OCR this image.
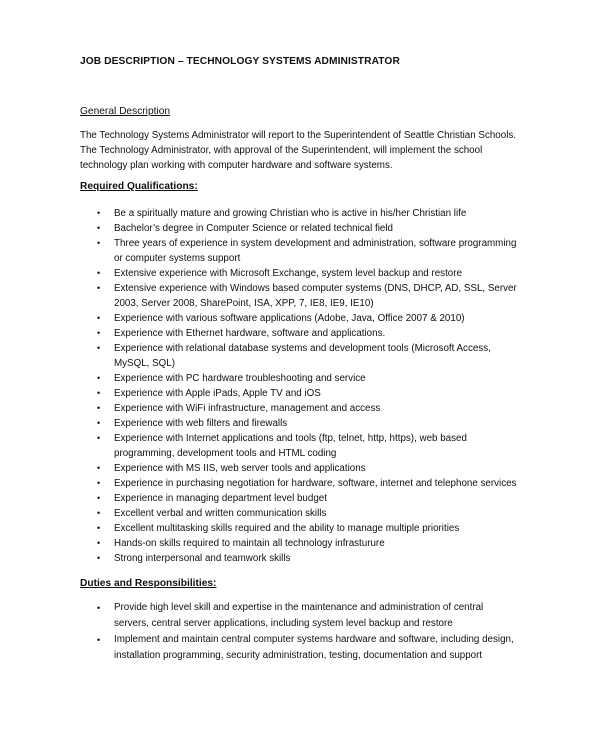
JOB DESCRIPTION – TECHNOLOGY SYSTEMS ADMINISTRATOR
General Description

The Technology Systems Administrator will report to the Superintendent of Seattle Christian Schools. The Technology Administrator, with approval of the Superintendent, will implement the school technology plan working with computer hardware and software systems.

Required Qualifications:
• Be a spiritually mature and growing Christian who is active in his/her Christian life
• Bachelor’s degree in Computer Science or related technical field
• Three years of experience in system development and administration, software programming or computer systems support
• Extensive experience with Microsoft Exchange, system level backup and restore
• Extensive experience with Windows based computer systems (DNS, DHCP, AD, SSL, Server 2003, Server 2008, SharePoint, ISA, XPP, 7, IE8, IE9, IE10)
• Experience with various software applications (Adobe, Java, Office 2007 & 2010)
• Experience with Ethernet hardware, software and applications.
• Experience with relational database systems and development tools (Microsoft Access, MySQL, SQL)
• Experience with PC hardware troubleshooting and service
• Experience with Apple iPads, Apple TV and iOS
• Experience with WiFi infrastructure, management and access
• Experience with web filters and firewalls
• Experience with Internet applications and tools (ftp, telnet, http, https), web based programming, development tools and HTML coding
• Experience with MS IIS, web server tools and applications
• Experience in purchasing negotiation for hardware, software, internet and telephone services
• Experience in managing department level budget
• Excellent verbal and written communication skills
• Excellent multitasking skills required and the ability to manage multiple priorities
• Hands-on skills required to maintain all technology infrasturure
• Strong interpersonal and teamwork skills
Duties and Responsibilities:
• Provide high level skill and expertise in the maintenance and administration of central servers, central server applications, including system level backup and restore
• Implement and maintain central computer systems hardware and software, including design, installation programming, security administration, testing, documentation and support
